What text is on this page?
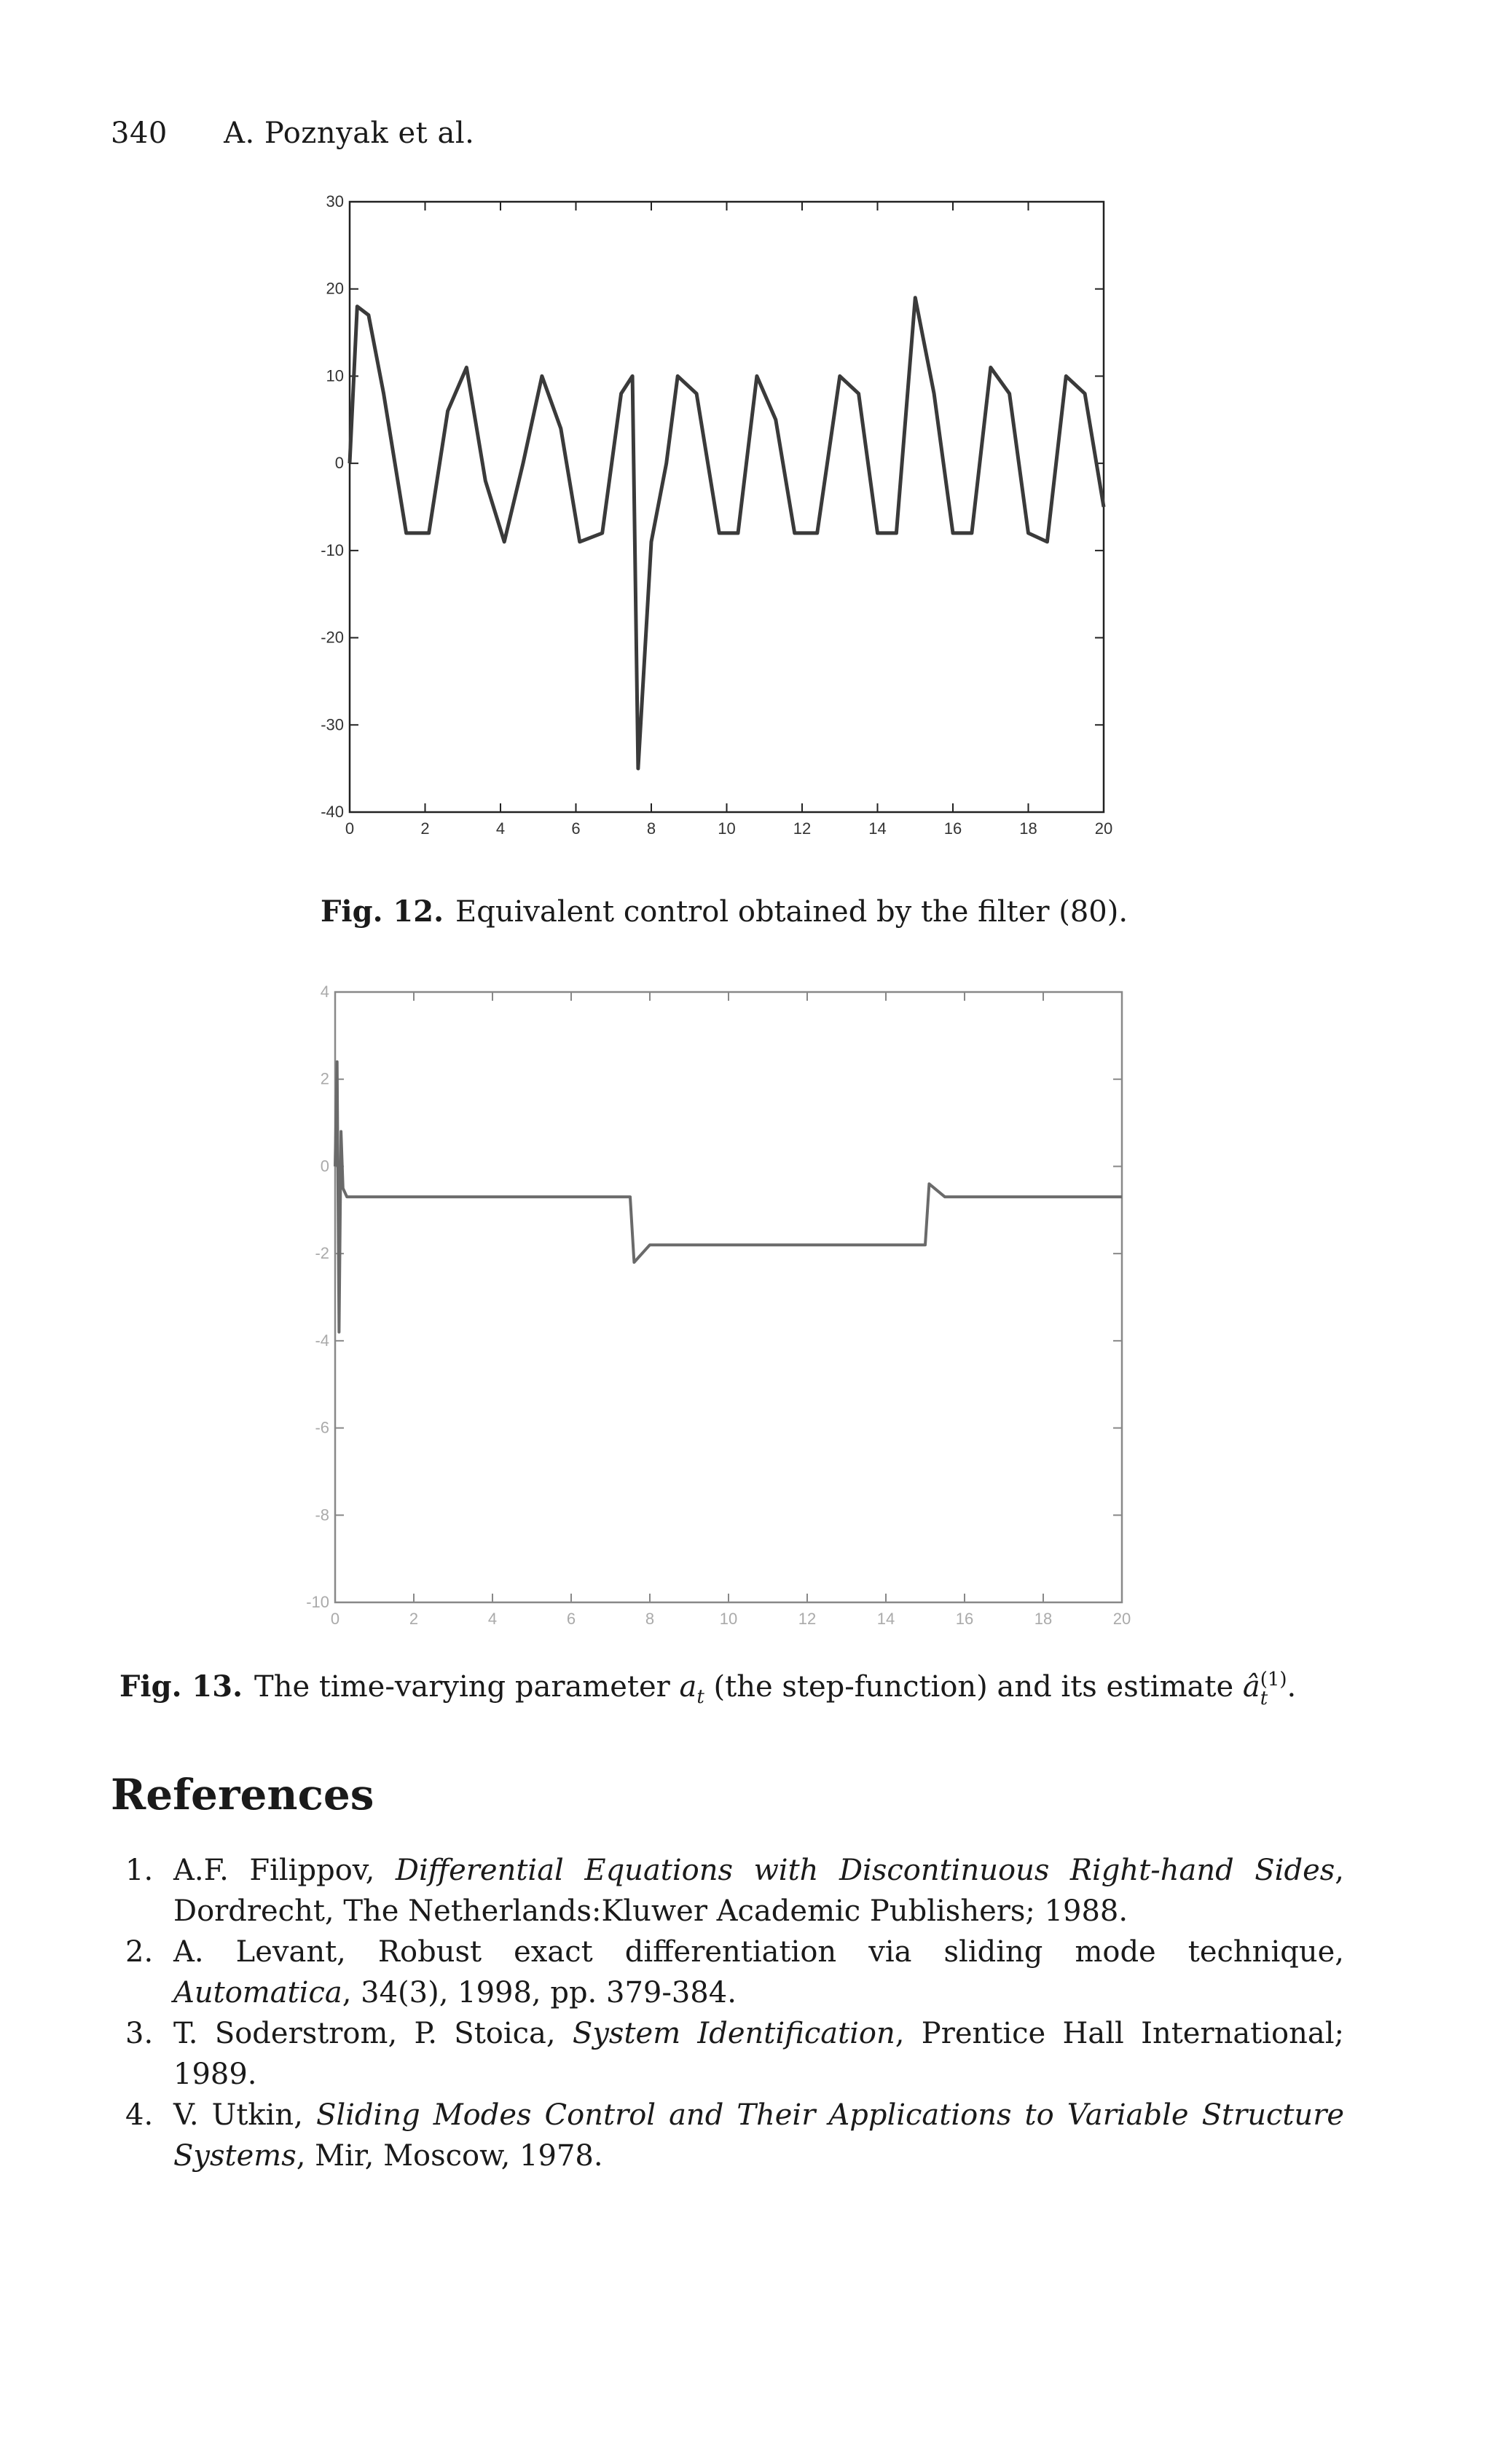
340 A. Poznyak et al.
0	2	4	6	8	10	12	14	16	18	20
30
20
10
0
-10
-20
-30
-40
Fig. 12. Equivalent control obtained by the filter (80).
0	2	4	6	8	10	12	14	16	18	20
4
2
0
-2
-4
-6
-8
-10
Fig. 13. The time-varying parameter $a_t$ (the step-function) and its estimate â (1)
t .
References
1. A.F. Filippov, Differential Equations with Discontinuous Right-hand Sides, Dordrecht, The Netherlands:Kluwer Academic Publishers; 1988.
2. A. Levant, Robust exact differentiation via sliding mode technique, Automatica, 34(3), 1998, pp. 379-384.
3. T. Soderstrom, P. Stoica, System Identification, Prentice Hall International; 1989.
4. V. Utkin, Sliding Modes Control and Their Applications to Variable Structure Systems, Mir, Moscow, 1978.
